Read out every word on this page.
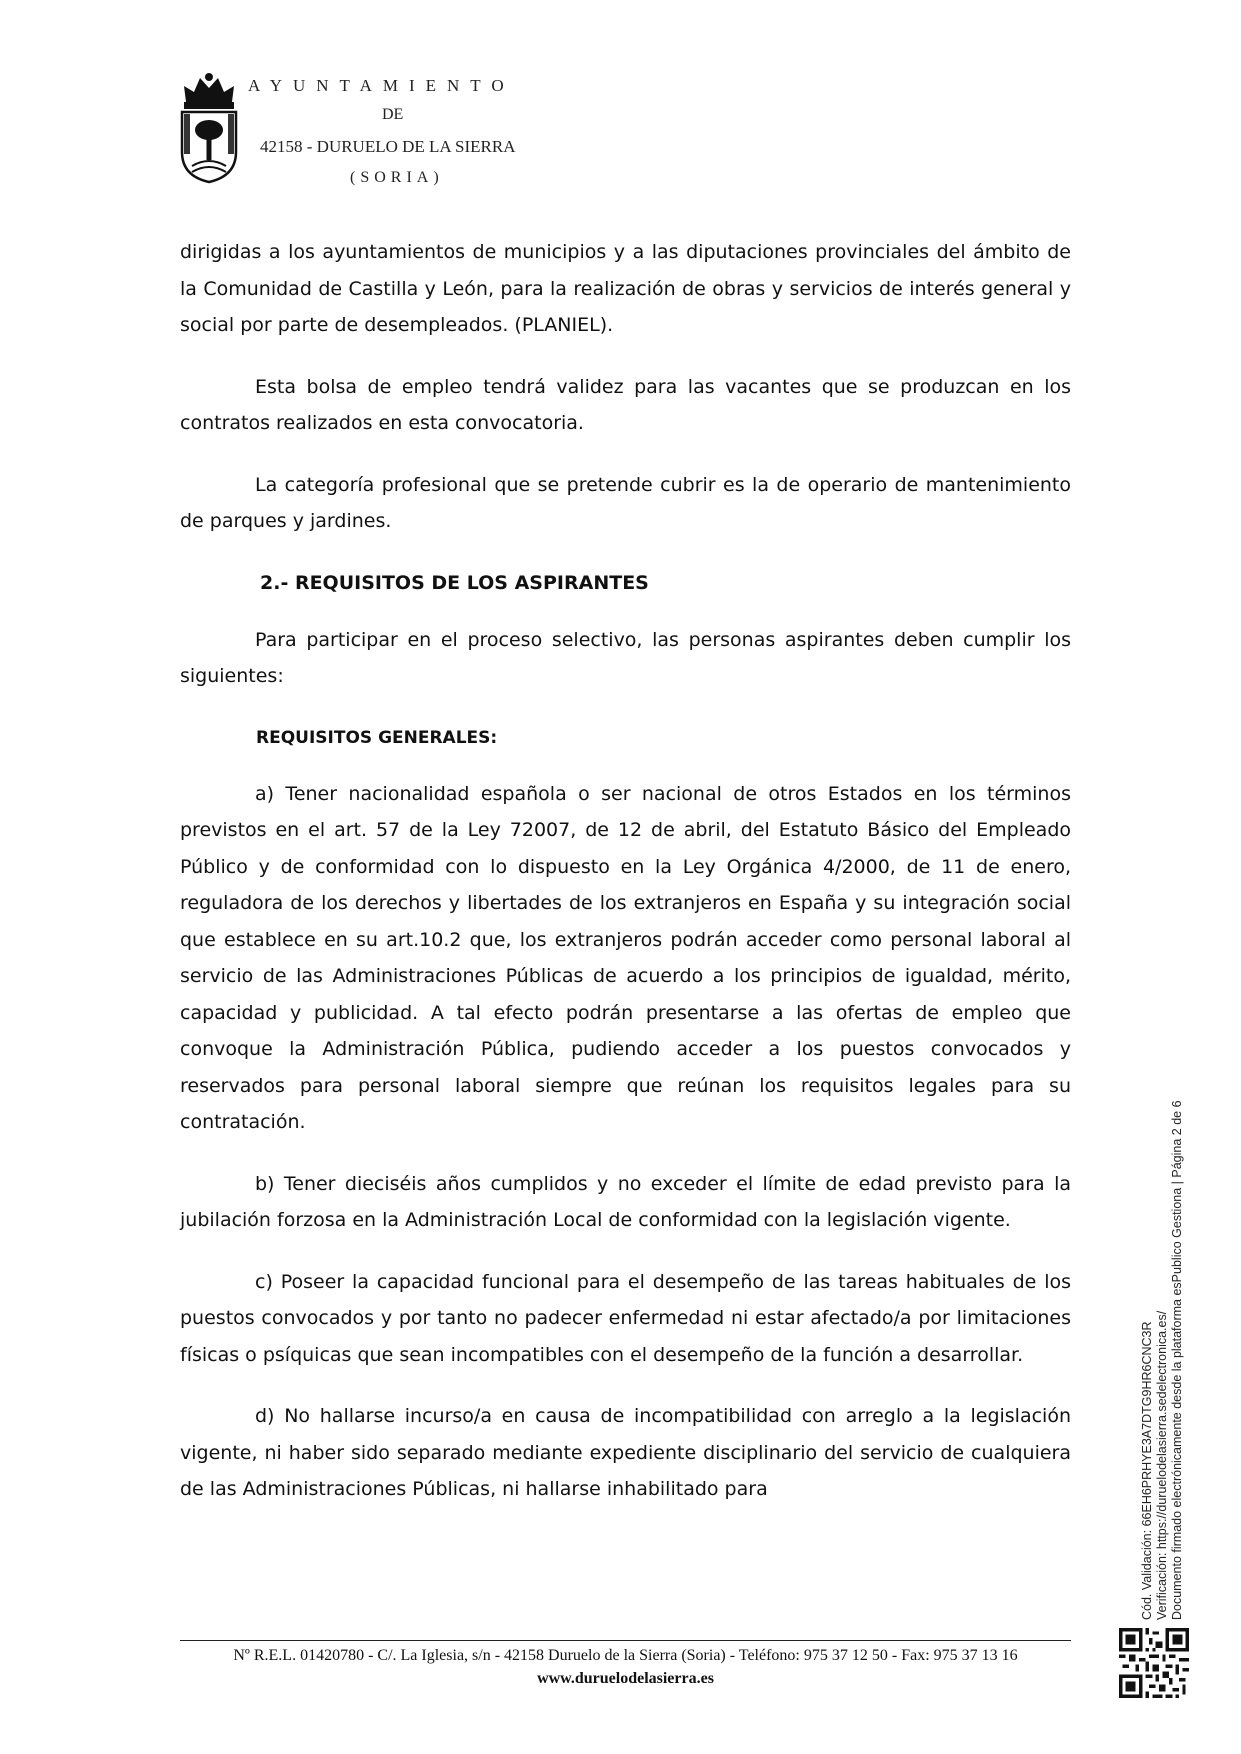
AYUNTAMIENTO
DE
42158 - DURUELO DE LA SIERRA
(SORIA)

dirigidas a los ayuntamientos de municipios y a las diputaciones provinciales del ámbito de la Comunidad de Castilla y León, para la realización de obras y servicios de interés general y social por parte de desempleados. (PLANIEL).

Esta bolsa de empleo tendrá validez para las vacantes que se produzcan en los contratos realizados en esta convocatoria.

La categoría profesional que se pretende cubrir es la de operario de mantenimiento de parques y jardines.

2.- REQUISITOS DE LOS ASPIRANTES

Para participar en el proceso selectivo, las personas aspirantes deben cumplir los siguientes:

REQUISITOS GENERALES:

a) Tener nacionalidad española o ser nacional de otros Estados en los términos previstos en el art. 57 de la Ley 72007, de 12 de abril, del Estatuto Básico del Empleado Público y de conformidad con lo dispuesto en la Ley Orgánica 4/2000, de 11 de enero, reguladora de los derechos y libertades de los extranjeros en España y su integración social que establece en su art.10.2 que, los extranjeros podrán acceder como personal laboral al servicio de las Administraciones Públicas de acuerdo a los principios de igualdad, mérito, capacidad y publicidad. A tal efecto podrán presentarse a las ofertas de empleo que convoque la Administración Pública, pudiendo acceder a los puestos convocados y reservados para personal laboral siempre que reúnan los requisitos legales para su contratación.

b) Tener dieciséis años cumplidos y no exceder el límite de edad previsto para la jubilación forzosa en la Administración Local de conformidad con la legislación vigente.

c) Poseer la capacidad funcional para el desempeño de las tareas habituales de los puestos convocados y por tanto no padecer enfermedad ni estar afectado/a por limitaciones físicas o psíquicas que sean incompatibles con el desempeño de la función a desarrollar.

d) No hallarse incurso/a en causa de incompatibilidad con arreglo a la legislación vigente, ni haber sido separado mediante expediente disciplinario del servicio de cualquiera de las Administraciones Públicas, ni hallarse inhabilitado para

Nº R.E.L. 01420780 - C/. La Iglesia, s/n - 42158 Duruelo de la Sierra (Soria) - Teléfono: 975 37 12 50 - Fax: 975 37 13 16
www.duruelodelasierra.es
Cód. Validación: 66EH6PRHYE3A7DTG9HR6CNC3R Verificación: https://duruelodelasierra.sedelectronica.es/ Documento firmado electrónicamente desde la plataforma esPublico Gestiona | Página 2 de 6
